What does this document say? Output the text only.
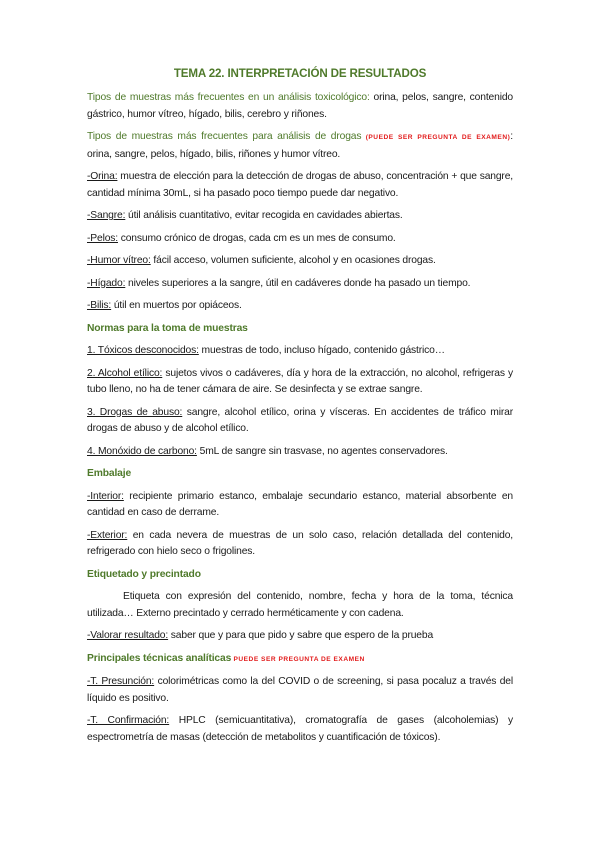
TEMA 22. INTERPRETACIÓN DE RESULTADOS

Tipos de muestras más frecuentes en un análisis toxicológico: orina, pelos, sangre, contenido gástrico, humor vítreo, hígado, bilis, cerebro y riñones.

Tipos de muestras más frecuentes para análisis de drogas (PUEDE SER PREGUNTA DE EXAMEN): orina, sangre, pelos, hígado, bilis, riñones y humor vítreo.

-Orina: muestra de elección para la detección de drogas de abuso, concentración + que sangre, cantidad mínima 30mL, si ha pasado poco tiempo puede dar negativo.

-Sangre: útil análisis cuantitativo, evitar recogida en cavidades abiertas.

-Pelos: consumo crónico de drogas, cada cm es un mes de consumo.

-Humor vítreo: fácil acceso, volumen suficiente, alcohol y en ocasiones drogas.

-Hígado: niveles superiores a la sangre, útil en cadáveres donde ha pasado un tiempo.

-Bilis: útil en muertos por opiáceos.

Normas para la toma de muestras

1. Tóxicos desconocidos: muestras de todo, incluso hígado, contenido gástrico…

2. Alcohol etílico: sujetos vivos o cadáveres, día y hora de la extracción, no alcohol, refrigeras y tubo lleno, no ha de tener cámara de aire. Se desinfecta y se extrae sangre.

3. Drogas de abuso: sangre, alcohol etílico, orina y vísceras. En accidentes de tráfico mirar drogas de abuso y de alcohol etílico.

4. Monóxido de carbono: 5mL de sangre sin trasvase, no agentes conservadores.

Embalaje

-Interior: recipiente primario estanco, embalaje secundario estanco, material absorbente en cantidad en caso de derrame.

-Exterior: en cada nevera de muestras de un solo caso, relación detallada del contenido, refrigerado con hielo seco o frigolines.

Etiquetado y precintado

Etiqueta con expresión del contenido, nombre, fecha y hora de la toma, técnica utilizada… Externo precintado y cerrado herméticamente y con cadena.

-Valorar resultado: saber que y para que pido y sabre que espero de la prueba

Principales técnicas analíticas PUEDE SER PREGUNTA DE EXAMEN

-T. Presunción: colorimétricas como la del COVID o de screening, si pasa pocaluz a través del líquido es positivo.

-T. Confirmación: HPLC (semicuantitativa), cromatografía de gases (alcoholemias) y espectrometría de masas (detección de metabolitos y cuantificación de tóxicos).
